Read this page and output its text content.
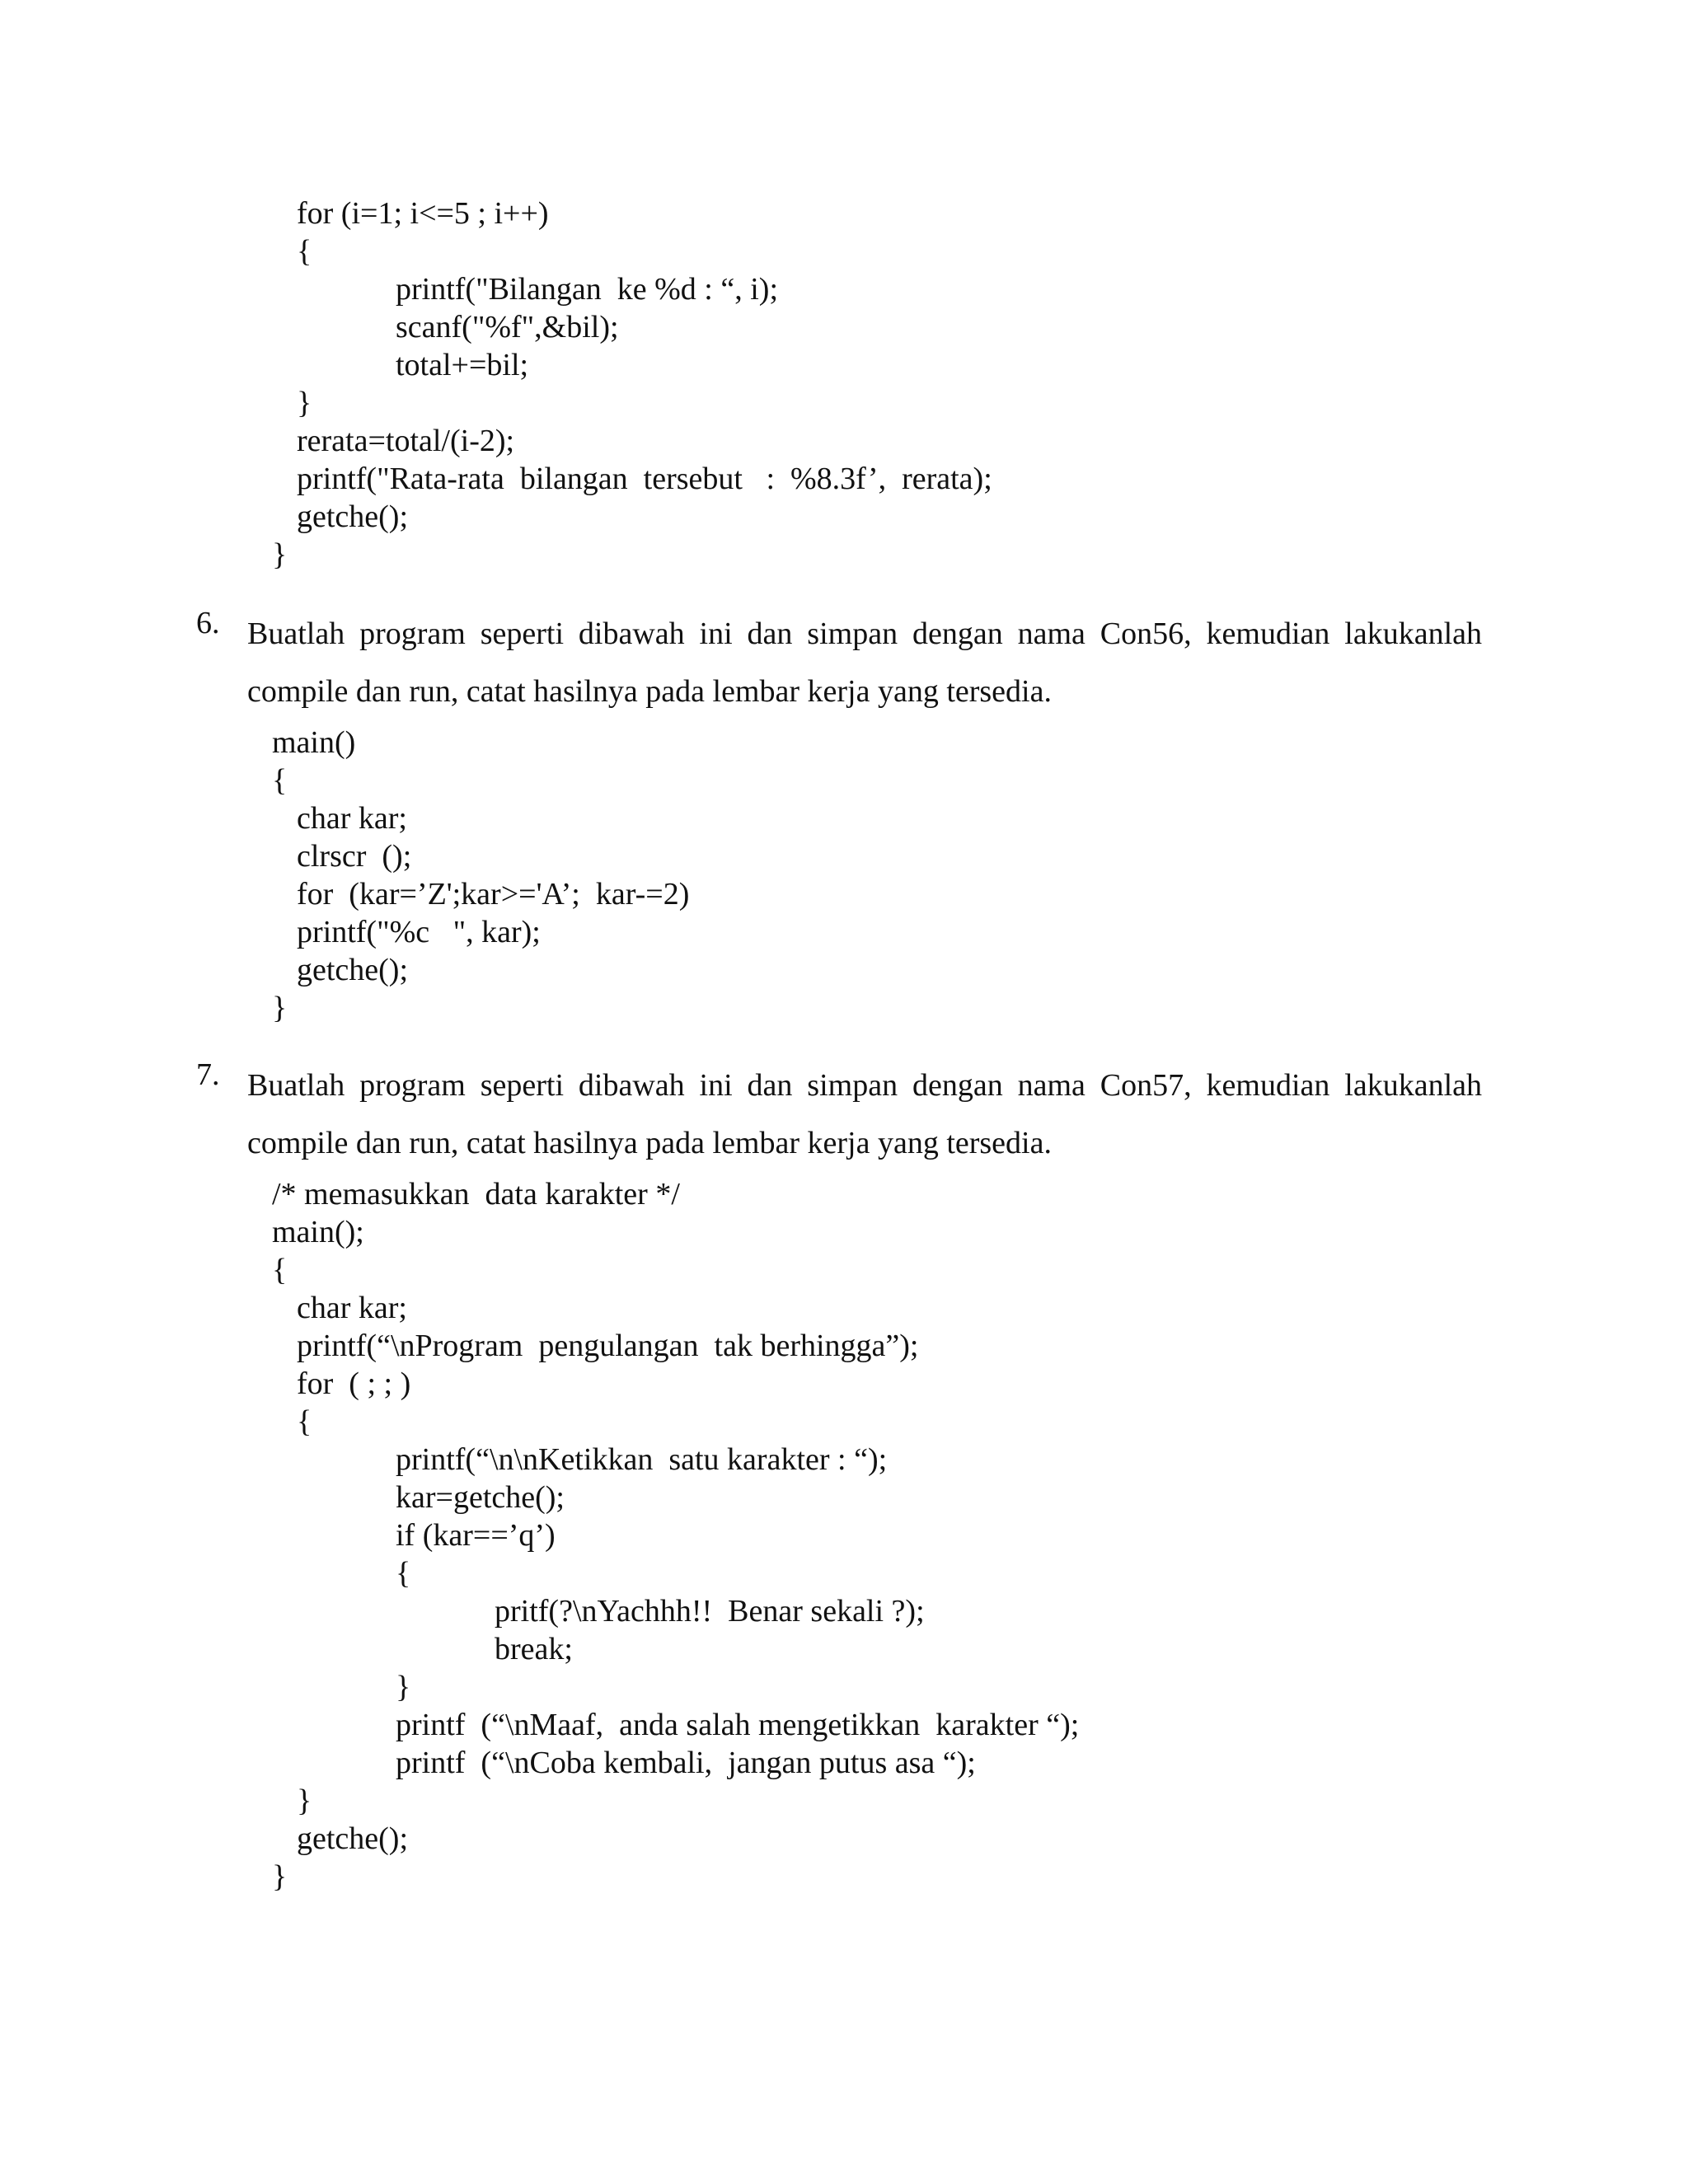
for (i=1; i<=5 ; i++)
{
printf("Bilangan  ke %d : “, i);
scanf("%f",&bil);
total+=bil;
}
rerata=total/(i-2);
printf("Rata-rata  bilangan  tersebut   :  %8.3f’,  rerata);
getche();
}
6. Buatlah program seperti dibawah ini dan simpan dengan nama Con56, kemudian lakukanlah compile dan run, catat hasilnya pada lembar kerja yang tersedia.
main()
{
char kar;
clrscr  ();
for  (kar=’Z';kar>='A’;  kar-=2)
printf("%c   ", kar);
getche();
}
7. Buatlah program seperti dibawah ini dan simpan dengan nama Con57, kemudian lakukanlah compile dan run, catat hasilnya pada lembar kerja yang tersedia.
/* memasukkan  data karakter */
main();
{
char kar;
printf(“\nProgram  pengulangan  tak berhingga”);
for  ( ; ; )
{
printf(“\n\nKetikkan  satu karakter : “);
kar=getche();
if (kar==’q’)
{
pritf(?\nYachhh!!  Benar sekali ?);
break;
}
printf  (“\nMaaf,  anda salah mengetikkan  karakter “);
printf  (“\nCoba kembali,  jangan putus asa “);
}
getche();
}
